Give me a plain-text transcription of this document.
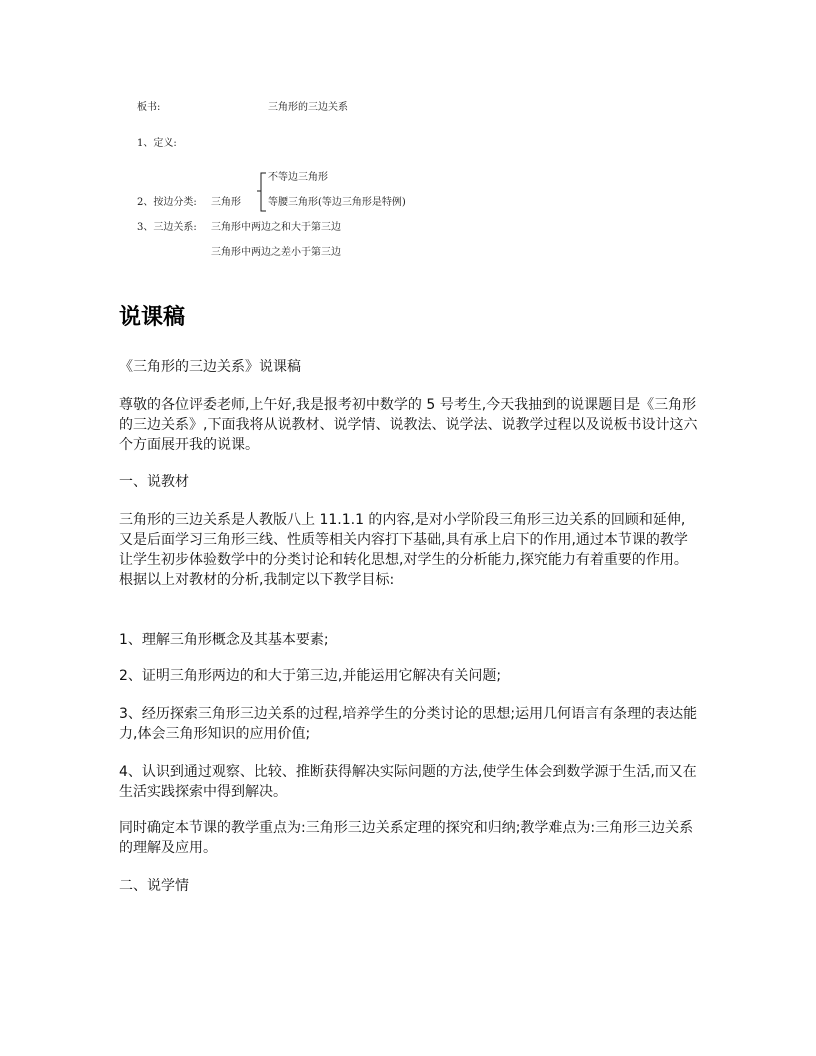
板书:	三角形的三边关系
1、定义:
不等边三角形
2、按边分类: 三角形	等腰三角形(等边三角形是特例)
3、三边关系: 三角形中两边之和大于第三边
三角形中两边之差小于第三边
说课稿
《三角形的三边关系》说课稿
尊敬的各位评委老师,上午好,我是报考初中数学的 5 号考生,今天我抽到的说课题目是《三角形的三边关系》,下面我将从说教材、说学情、说教法、说学法、说教学过程以及说板书设计这六个方面展开我的说课。
一、说教材
三角形的三边关系是人教版八上 11.1.1 的内容,是对小学阶段三角形三边关系的回顾和延伸,又是后面学习三角形三线、性质等相关内容打下基础,具有承上启下的作用,通过本节课的教学让学生初步体验数学中的分类讨论和转化思想,对学生的分析能力,探究能力有着重要的作用。根据以上对教材的分析,我制定以下教学目标:
1、理解三角形概念及其基本要素;
2、证明三角形两边的和大于第三边,并能运用它解决有关问题;
3、经历探索三角形三边关系的过程,培养学生的分类讨论的思想;运用几何语言有条理的表达能力,体会三角形知识的应用价值;
4、认识到通过观察、比较、推断获得解决实际问题的方法,使学生体会到数学源于生活,而又在生活实践探索中得到解决。
同时确定本节课的教学重点为:三角形三边关系定理的探究和归纳;教学难点为:三角形三边关系的理解及应用。
二、说学情
